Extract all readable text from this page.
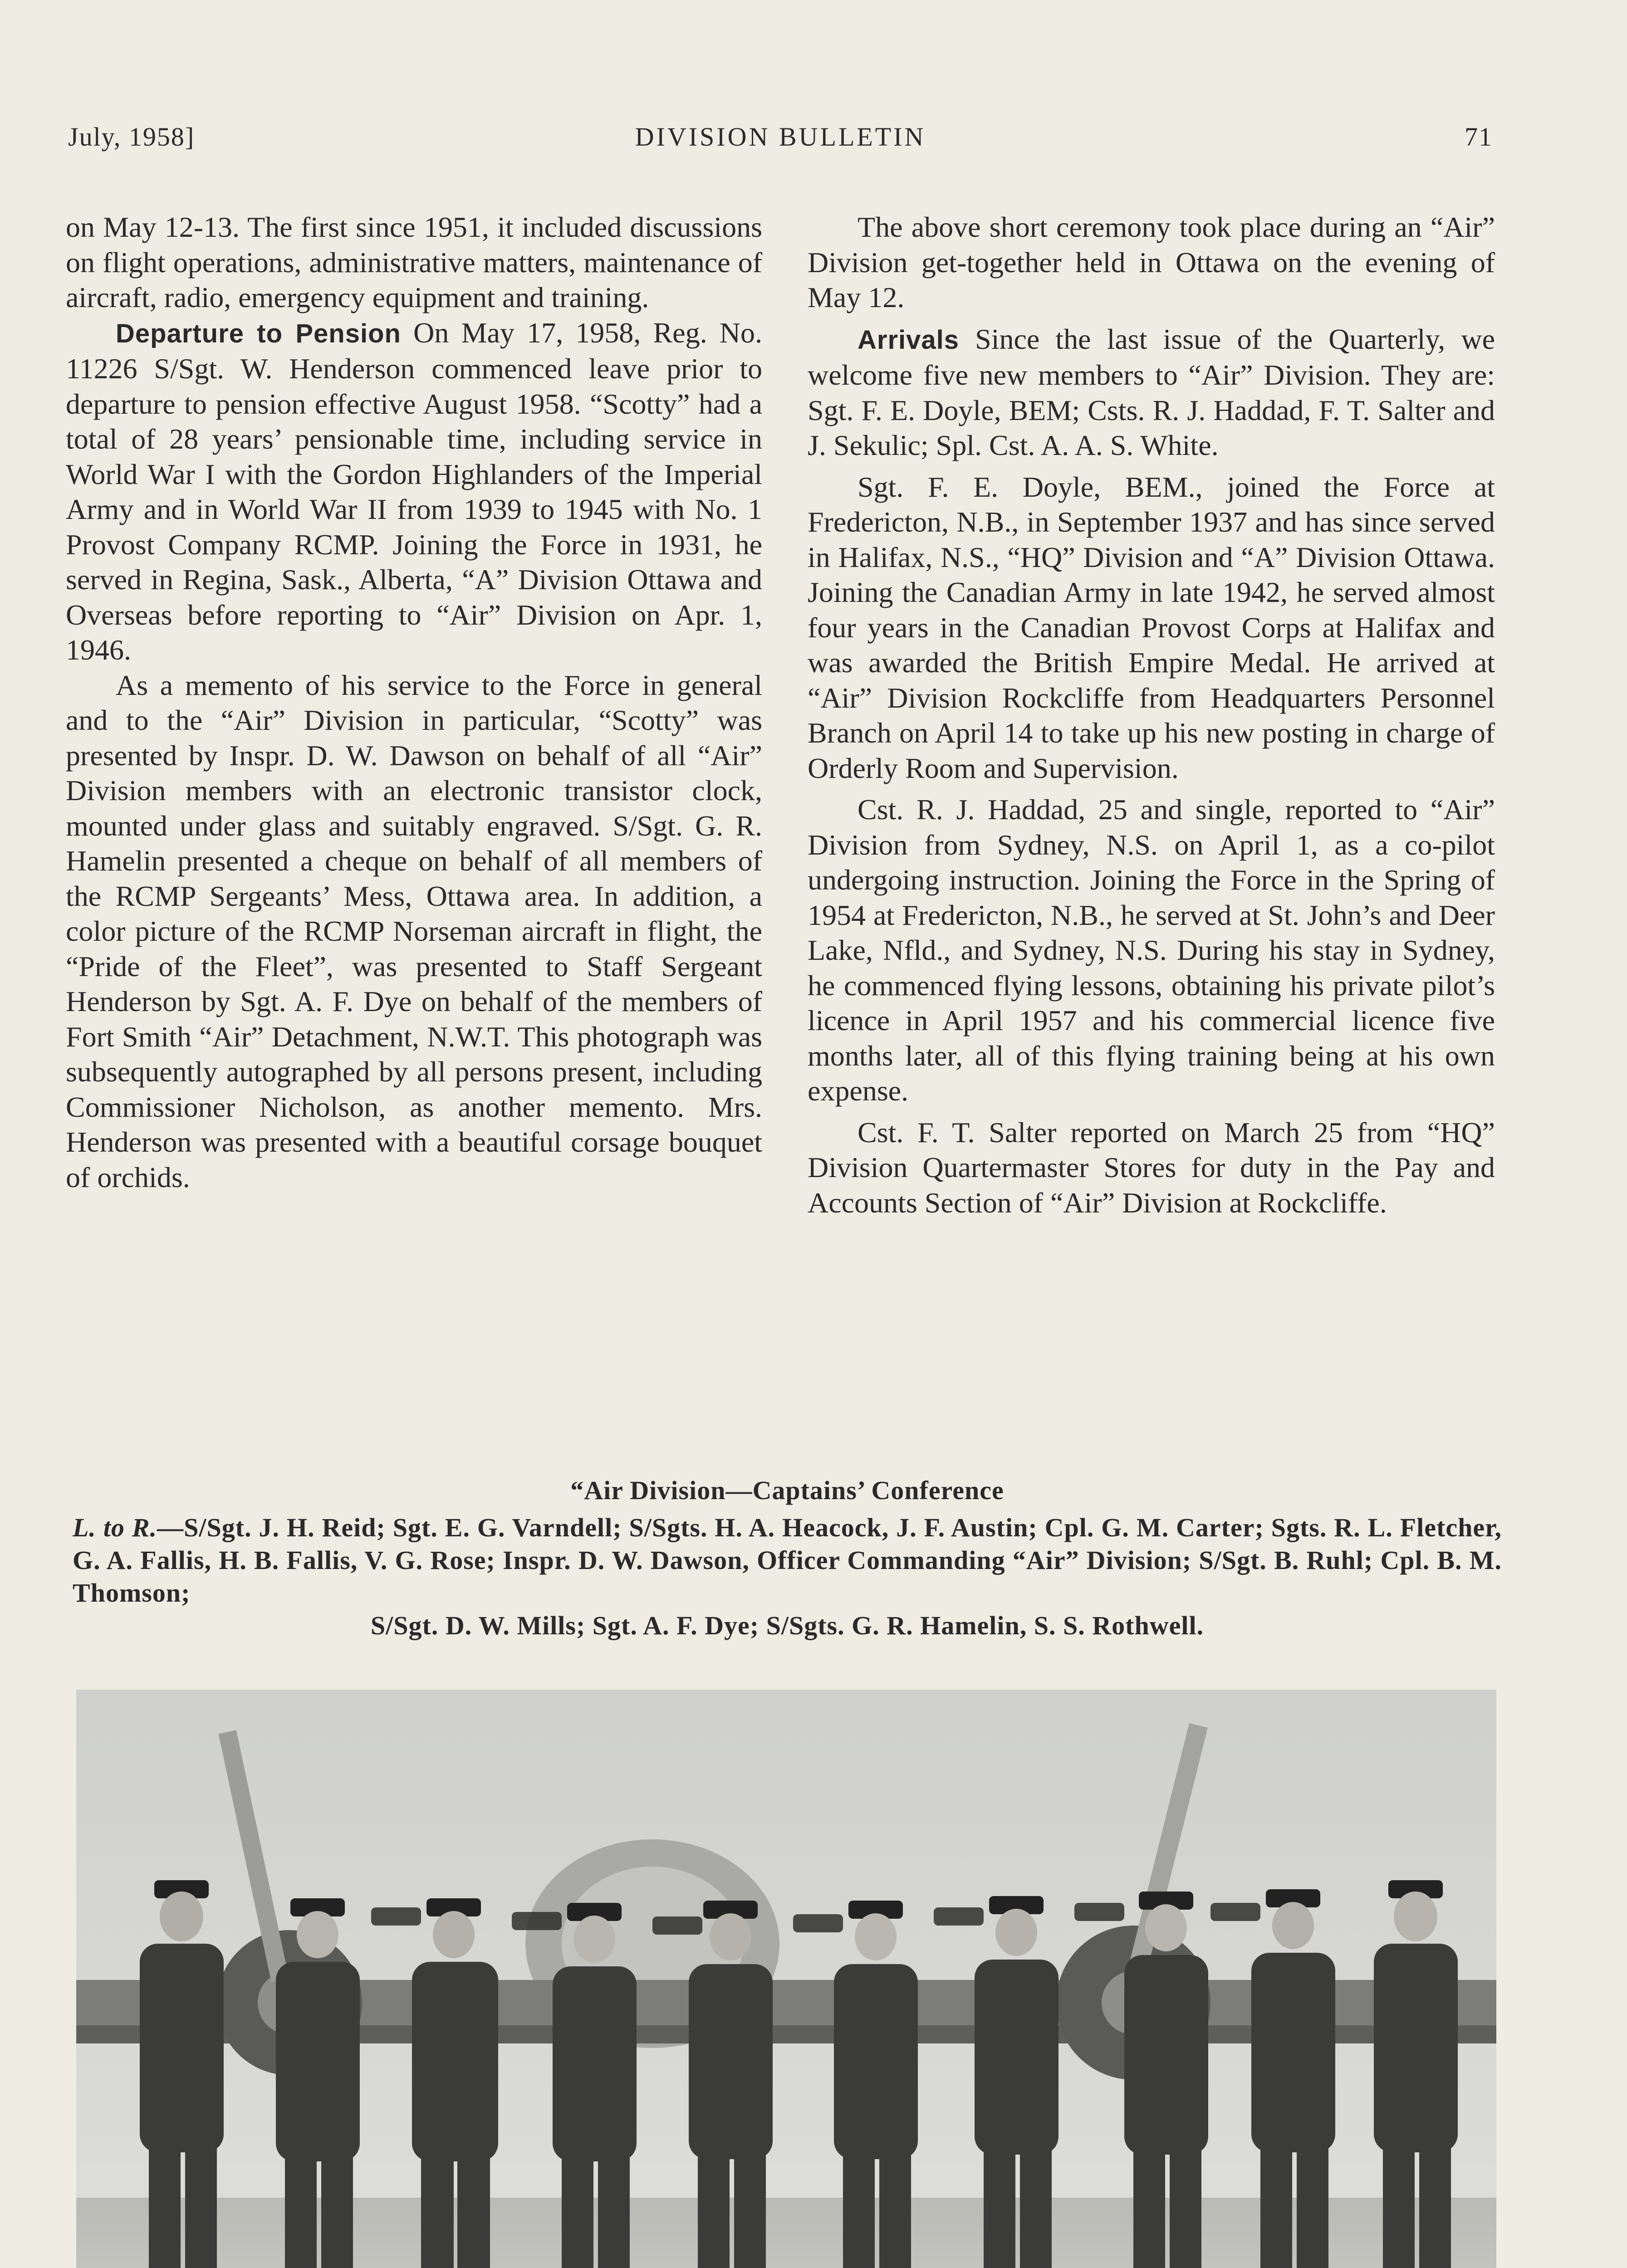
July, 1958]	DIVISION BULLETIN	71

on May 12-13. The first since 1951, it included discussions on flight operations, administrative matters, maintenance of aircraft, radio, emergency equipment and training.

Departure to Pension On May 17, 1958, Reg. No. 11226 S/Sgt. W. Henderson commenced leave prior to departure to pension effective August 1958. “Scotty” had a total of 28 years’ pensionable time, including service in World War I with the Gordon Highlanders of the Imperial Army and in World War II from 1939 to 1945 with No. 1 Provost Company RCMP. Joining the Force in 1931, he served in Regina, Sask., Alberta, “A” Division Ottawa and Overseas before reporting to “Air” Division on Apr. 1, 1946.

As a memento of his service to the Force in general and to the “Air” Division in particular, “Scotty” was presented by Inspr. D. W. Dawson on behalf of all “Air” Division members with an electronic transistor clock, mounted under glass and suitably engraved. S/Sgt. G. R. Hamelin presented a cheque on behalf of all members of the RCMP Sergeants’ Mess, Ottawa area. In addition, a color picture of the RCMP Norseman aircraft in flight, the “Pride of the Fleet”, was presented to Staff Sergeant Henderson by Sgt. A. F. Dye on behalf of the members of Fort Smith “Air” Detachment, N.W.T. This photograph was subsequently autographed by all persons present, including Commissioner Nicholson, as another memento. Mrs. Henderson was presented with a beautiful corsage bouquet of orchids.

The above short ceremony took place during an “Air” Division get-together held in Ottawa on the evening of May 12.

Arrivals Since the last issue of the Quarterly, we welcome five new members to “Air” Division. They are: Sgt. F. E. Doyle, BEM; Csts. R. J. Haddad, F. T. Salter and J. Sekulic; Spl. Cst. A. A. S. White.

Sgt. F. E. Doyle, BEM., joined the Force at Fredericton, N.B., in September 1937 and has since served in Halifax, N.S., “HQ” Division and “A” Division Ottawa. Joining the Canadian Army in late 1942, he served almost four years in the Canadian Provost Corps at Halifax and was awarded the British Empire Medal. He arrived at “Air” Division Rockcliffe from Headquarters Personnel Branch on April 14 to take up his new posting in charge of Orderly Room and Supervision.

Cst. R. J. Haddad, 25 and single, reported to “Air” Division from Sydney, N.S. on April 1, as a co-pilot undergoing instruction. Joining the Force in the Spring of 1954 at Fredericton, N.B., he served at St. John’s and Deer Lake, Nfld., and Sydney, N.S. During his stay in Sydney, he commenced flying lessons, obtaining his private pilot’s licence in April 1957 and his commercial licence five months later, all of this flying training being at his own expense.

Cst. F. T. Salter reported on March 25 from “HQ” Division Quartermaster Stores for duty in the Pay and Accounts Section of “Air” Division at Rockcliffe.

“Air Division—Captains’ Conference
L. to R.—S/Sgt. J. H. Reid; Sgt. E. G. Varndell; S/Sgts. H. A. Heacock, J. F. Austin; Cpl. G. M. Carter; Sgts. R. L. Fletcher, G. A. Fallis, H. B. Fallis, V. G. Rose; Inspr. D. W. Dawson, Officer Commanding “Air” Division; S/Sgt. B. Ruhl; Cpl. B. M. Thomson;
S/Sgt. D. W. Mills; Sgt. A. F. Dye; S/Sgts. G. R. Hamelin, S. S. Rothwell.
